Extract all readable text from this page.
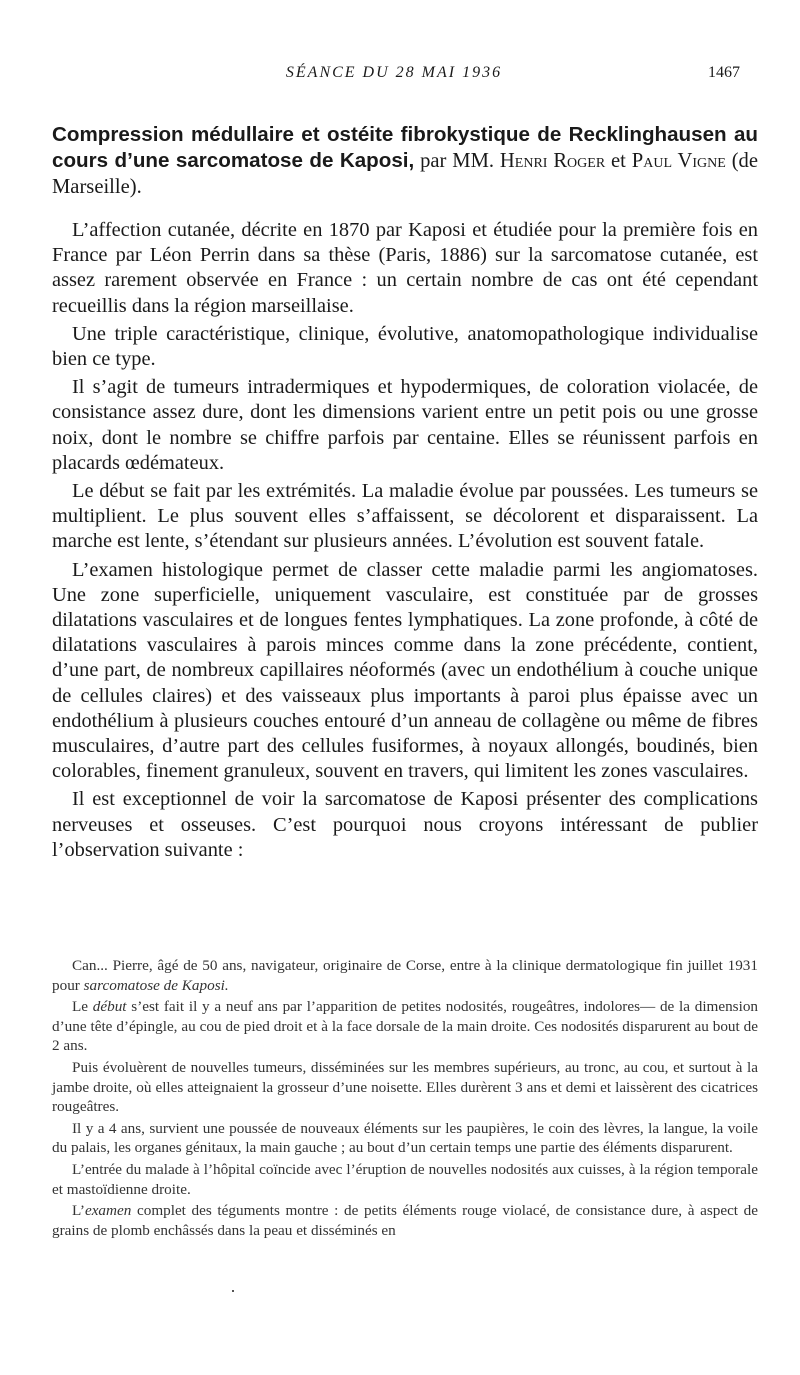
SÉANCE DU 28 MAI 1936	1467

Compression médullaire et ostéite fibrokystique de Recklinghausen au cours d’une sarcomatose de Kaposi, par MM. Henri Roger et Paul Vigne (de Marseille).

L’affection cutanée, décrite en 1870 par Kaposi et étudiée pour la première fois en France par Léon Perrin dans sa thèse (Paris, 1886) sur la sarcomatose cutanée, est assez rarement observée en France : un certain nombre de cas ont été cependant recueillis dans la région marseillaise.

Une triple caractéristique, clinique, évolutive, anatomopathologique individualise bien ce type.

Il s’agit de tumeurs intradermiques et hypodermiques, de coloration violacée, de consistance assez dure, dont les dimensions varient entre un petit pois ou une grosse noix, dont le nombre se chiffre parfois par centaine. Elles se réunissent parfois en placards œdémateux.

Le début se fait par les extrémités. La maladie évolue par poussées. Les tumeurs se multiplient. Le plus souvent elles s’affaissent, se décolorent et disparaissent. La marche est lente, s’étendant sur plusieurs années. L’évolution est souvent fatale.

L’examen histologique permet de classer cette maladie parmi les angiomatoses. Une zone superficielle, uniquement vasculaire, est constituée par de grosses dilatations vasculaires et de longues fentes lymphatiques. La zone profonde, à côté de dilatations vasculaires à parois minces comme dans la zone précédente, contient, d’une part, de nombreux capillaires néoformés (avec un endothélium à couche unique de cellules claires) et des vaisseaux plus importants à paroi plus épaisse avec un endothélium à plusieurs couches entouré d’un anneau de collagène ou même de fibres musculaires, d’autre part des cellules fusiformes, à noyaux allongés, boudinés, bien colorables, finement granuleux, souvent en travers, qui limitent les zones vasculaires.

Il est exceptionnel de voir la sarcomatose de Kaposi présenter des complications nerveuses et osseuses. C’est pourquoi nous croyons intéressant de publier l’observation suivante :

Can... Pierre, âgé de 50 ans, navigateur, originaire de Corse, entre à la clinique dermatologique fin juillet 1931 pour sarcomatose de Kaposi.

Le début s’est fait il y a neuf ans par l’apparition de petites nodosités, rougeâtres, indolores— de la dimension d’une tête d’épingle, au cou de pied droit et à la face dorsale de la main droite. Ces nodosités disparurent au bout de 2 ans.

Puis évoluèrent de nouvelles tumeurs, disséminées sur les membres supérieurs, au tronc, au cou, et surtout à la jambe droite, où elles atteignaient la grosseur d’une noisette. Elles durèrent 3 ans et demi et laissèrent des cicatrices rougeâtres.

Il y a 4 ans, survient une poussée de nouveaux éléments sur les paupières, le coin des lèvres, la langue, la voile du palais, les organes génitaux, la main gauche ; au bout d’un certain temps une partie des éléments disparurent.

L’entrée du malade à l’hôpital coïncide avec l’éruption de nouvelles nodosités aux cuisses, à la région temporale et mastoïdienne droite.

L’examen complet des téguments montre : de petits éléments rouge violacé, de consistance dure, à aspect de grains de plomb enchâssés dans la peau et disséminés en
